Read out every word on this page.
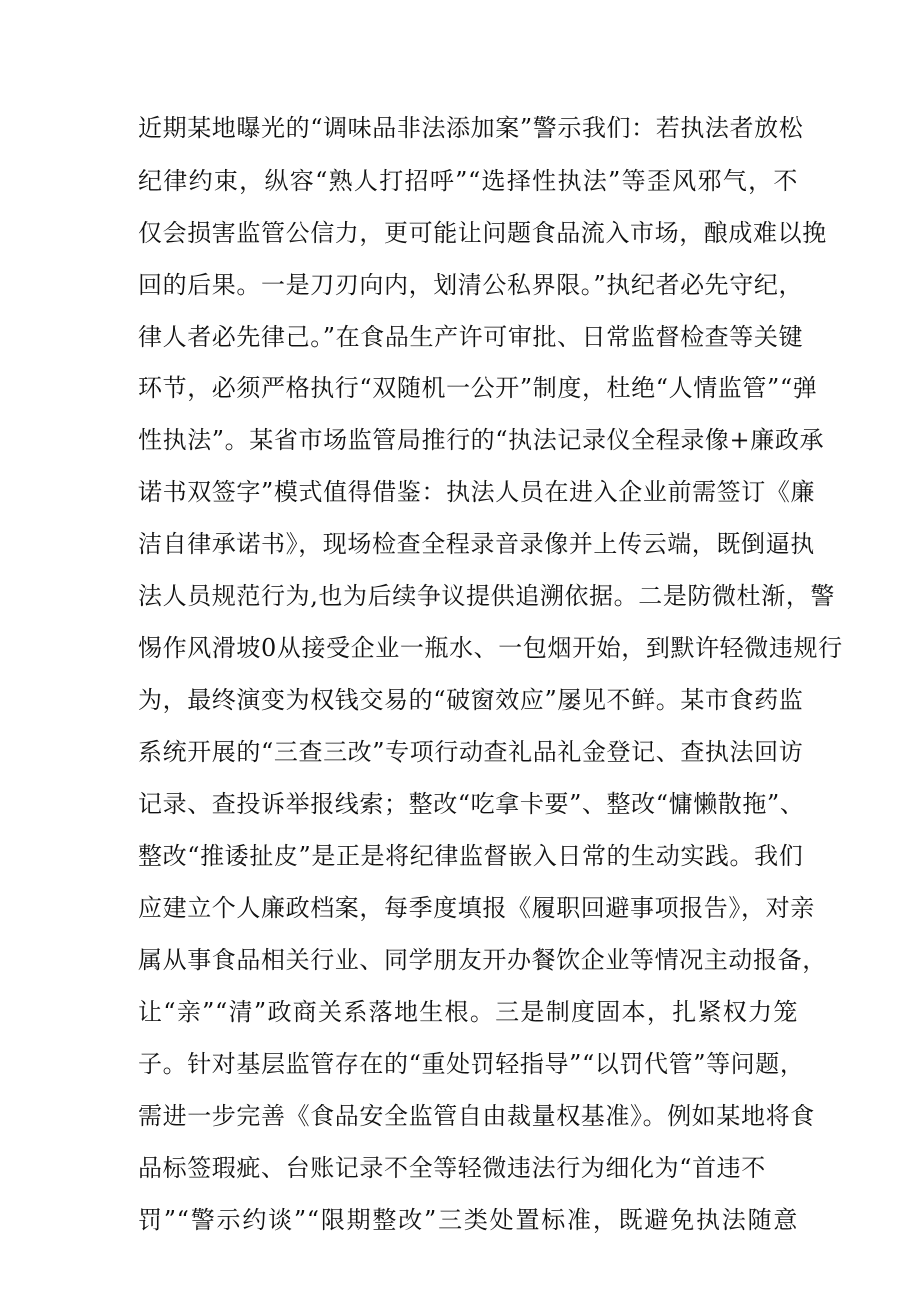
近期某地曝光的“调味品非法添加案”警示我们：若执法者放松
纪律约束，纵容“熟人打招呼”“选择性执法”等歪风邪气，不
仅会损害监管公信力，更可能让问题食品流入市场，酿成难以挽
回的后果。一是刀刃向内，划清公私界限。”执纪者必先守纪，
律人者必先律己。”在食品生产许可审批、日常监督检查等关键
环节，必须严格执行“双随机一公开”制度，杜绝“人情监管”“弹
性执法”。某省市场监管局推行的“执法记录仪全程录像+廉政承
诺书双签字”模式值得借鉴：执法人员在进入企业前需签订《廉
洁自律承诺书》，现场检查全程录音录像并上传云端，既倒逼执
法人员规范行为,也为后续争议提供追溯依据。二是防微杜渐，警
惕作风滑坡0从接受企业一瓶水、一包烟开始，到默许轻微违规行
为，最终演变为权钱交易的“破窗效应”屡见不鲜。某市食药监
系统开展的“三查三改”专项行动查礼品礼金登记、查执法回访
记录、查投诉举报线索；整改“吃拿卡要”、整改“慵懒散拖”、
整改“推诿扯皮”是正是将纪律监督嵌入日常的生动实践。我们
应建立个人廉政档案，每季度填报《履职回避事项报告》，对亲
属从事食品相关行业、同学朋友开办餐饮企业等情况主动报备，
让“亲”“清”政商关系落地生根。三是制度固本，扎紧权力笼
子。针对基层监管存在的“重处罚轻指导”“以罚代管”等问题，
需进一步完善《食品安全监管自由裁量权基准》。例如某地将食
品标签瑕疵、台账记录不全等轻微违法行为细化为“首违不
罚”“警示约谈”“限期整改”三类处置标准，既避免执法随意
